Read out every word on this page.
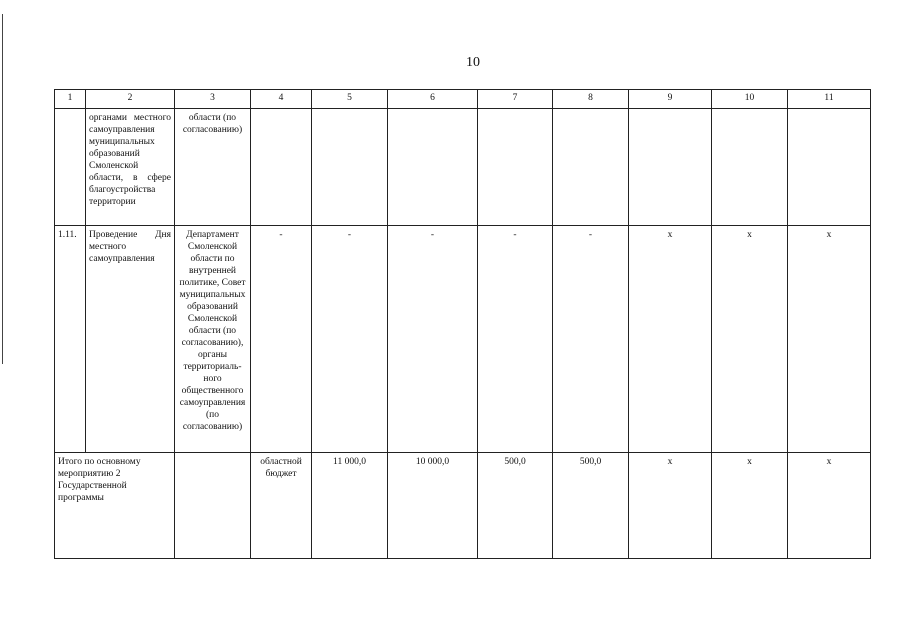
10
1	2	3	4	5	6	7	8	9	10	11
	органами местного самоуправления муниципальных образований Смоленской области, в сфере благоустройства территории	области (по согласованию)								
1.11.	Проведение Дня местного самоуправления	Департамент Смоленской области по внутренней политике, Совет муниципальных образований Смоленской области (по согласованию), органы территориаль-ного общественного самоуправления (по согласованию)	-	-	-	-	-	x	x	x
Итого по основному мероприятию 2 Государственной программы			областной бюджет	11 000,0	10 000,0	500,0	500,0	x	x	x
